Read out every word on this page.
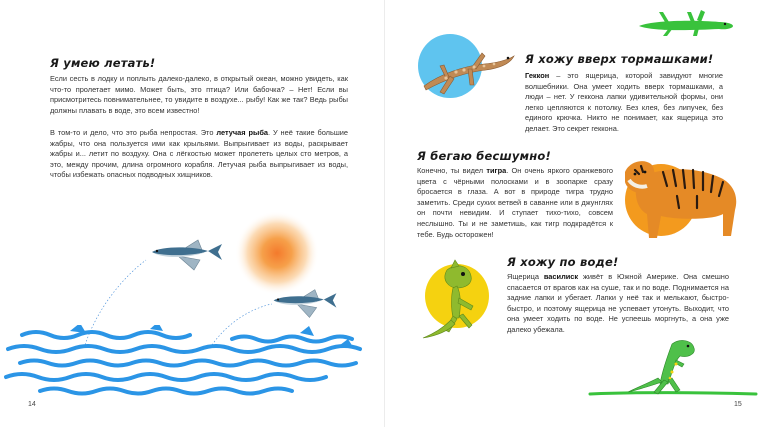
Я умею летать!

Если сесть в лодку и поплыть далеко-далеко, в открытый океан, можно увидеть, как что-то пролетает мимо. Может быть, это птица? Или бабочка? – Нет! Если вы присмотритесь повнимательнее, то увидите в воздухе... рыбу! Как же так? Ведь рыбы должны плавать в воде, это всем известно!

В том-то и дело, что это рыба непростая. Это летучая рыба. У неё такие большие жабры, что она пользуется ими как крыльями. Выпрыгивает из воды, раскрывает жабры и... летит по воздуху. Она с лёгкостью может пролететь целых сто метров, а это, между прочим, длина огромного корабля. Летучая рыба выпрыгивает из воды, чтобы избежать опасных подводных хищников.

14
Я хожу вверх тормашками!

Геккон – это ящерица, которой завидуют многие волшебники. Она умеет ходить вверх тормашками, а люди – нет. У геккона лапки удивительной формы, они легко цепляются к потолку. Без клея, без липучек, без единого крючка. Никто не понимает, как ящерица это делает. Это секрет геккона.

Я бегаю бесшумно!

Конечно, ты видел тигра. Он очень яркого оранжевого цвета с чёрными полосками и в зоопарке сразу бросается в глаза. А вот в природе тигра трудно заметить. Среди сухих ветвей в саванне или в джунглях он почти невидим. И ступает тихо-тихо, совсем неслышно. Ты и не заметишь, как тигр подкрадётся к тебе. Будь осторожен!

Я хожу по воде!

Ящерица василиск живёт в Южной Америке. Она смешно спасается от врагов как на суше, так и по воде. Поднимается на задние лапки и убегает. Лапки у неё так и мелькают, быстро-быстро, и поэтому ящерица не успевает утонуть. Выходит, что она умеет ходить по воде. Не успеешь моргнуть, а она уже далеко убежала.

15
